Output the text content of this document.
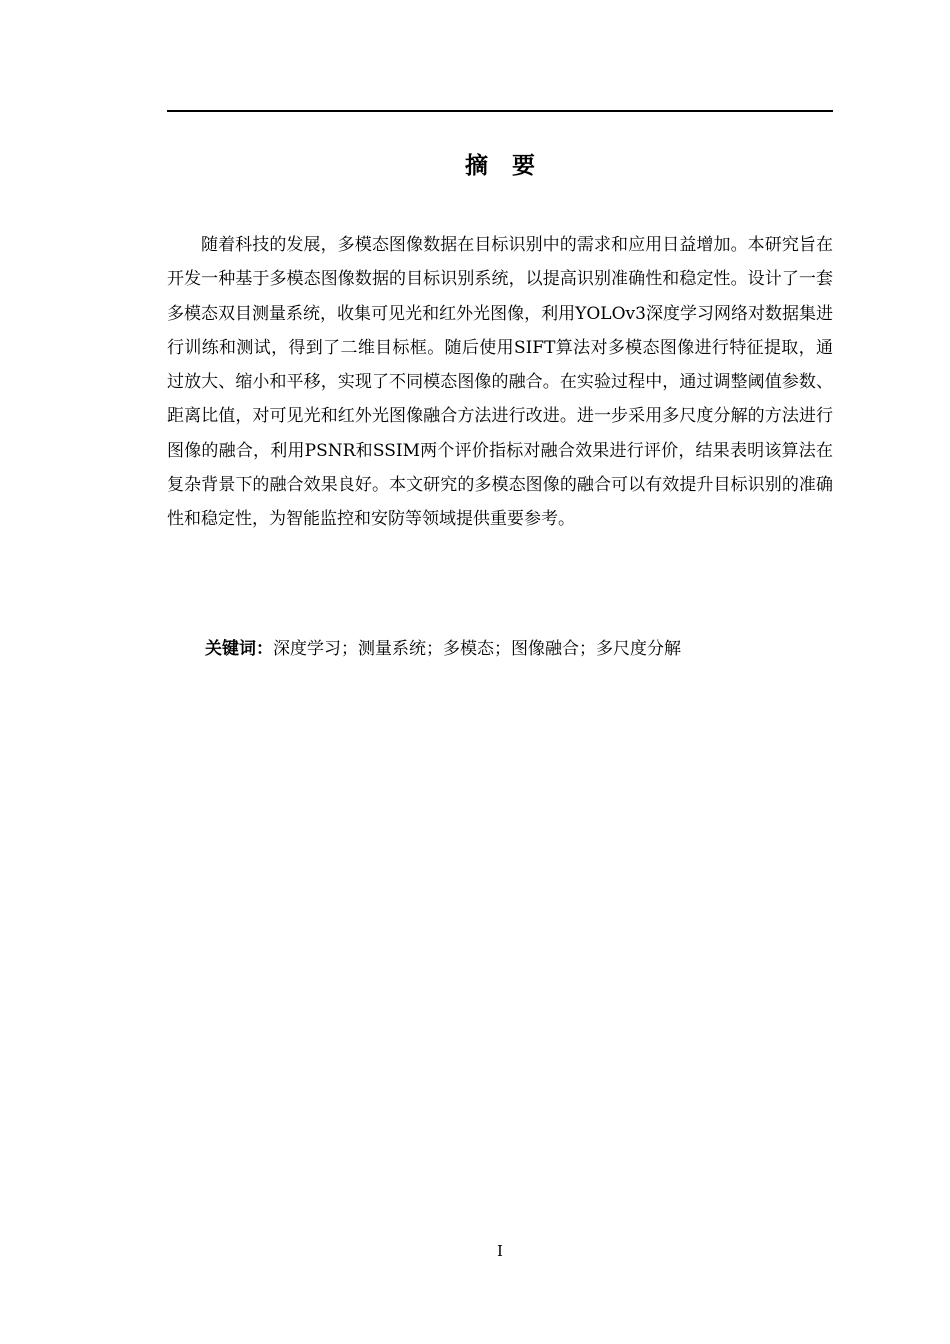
摘 要

随着科技的发展，多模态图像数据在目标识别中的需求和应用日益增加。本研究旨在开发一种基于多模态图像数据的目标识别系统，以提高识别准确性和稳定性。设计了一套多模态双目测量系统，收集可见光和红外光图像，利用YOLOv3深度学习网络对数据集进行训练和测试，得到了二维目标框。随后使用SIFT算法对多模态图像进行特征提取，通过放大、缩小和平移，实现了不同模态图像的融合。在实验过程中，通过调整阈值参数、距离比值，对可见光和红外光图像融合方法进行改进。进一步采用多尺度分解的方法进行图像的融合，利用PSNR和SSIM两个评价指标对融合效果进行评价，结果表明该算法在复杂背景下的融合效果良好。本文研究的多模态图像的融合可以有效提升目标识别的准确性和稳定性，为智能监控和安防等领域提供重要参考。

关键词：深度学习；测量系统；多模态；图像融合；多尺度分解

I
